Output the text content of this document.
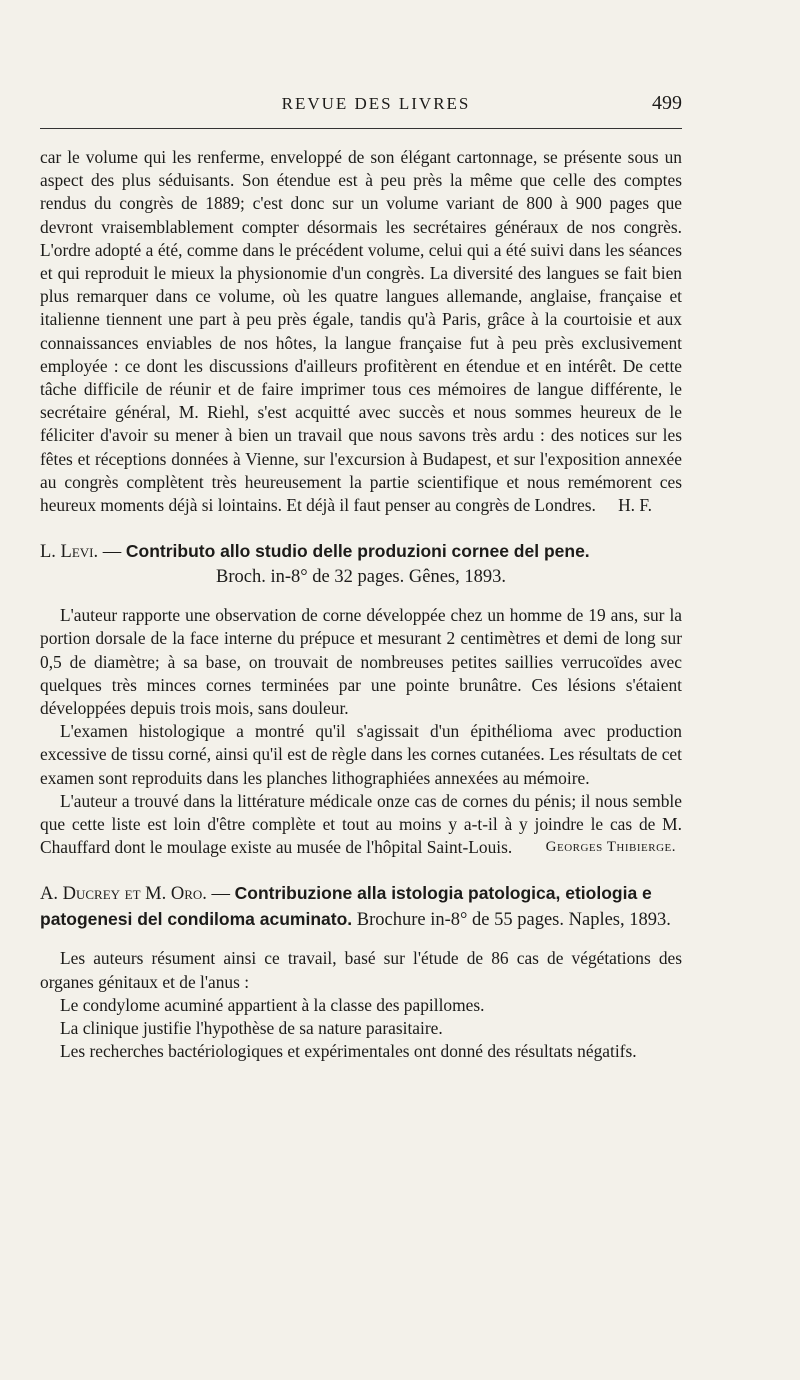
REVUE DES LIVRES	499

car le volume qui les renferme, enveloppé de son élégant cartonnage, se présente sous un aspect des plus séduisants. Son étendue est à peu près la même que celle des comptes rendus du congrès de 1889; c'est donc sur un volume variant de 800 à 900 pages que devront vraisemblablement compter désormais les secrétaires généraux de nos congrès. L'ordre adopté a été, comme dans le précédent volume, celui qui a été suivi dans les séances et qui reproduit le mieux la physionomie d'un congrès. La diversité des langues se fait bien plus remarquer dans ce volume, où les quatre langues allemande, anglaise, française et italienne tiennent une part à peu près égale, tandis qu'à Paris, grâce à la courtoisie et aux connaissances enviables de nos hôtes, la langue française fut à peu près exclusivement employée : ce dont les discussions d'ailleurs profitèrent en étendue et en intérêt. De cette tâche difficile de réunir et de faire imprimer tous ces mémoires de langue différente, le secrétaire général, M. Riehl, s'est acquitté avec succès et nous sommes heureux de le féliciter d'avoir su mener à bien un travail que nous savons très ardu : des notices sur les fêtes et réceptions données à Vienne, sur l'excursion à Budapest, et sur l'exposition annexée au congrès complètent très heureusement la partie scientifique et nous remémorent ces heureux moments déjà si lointains. Et déjà il faut penser au congrès de Londres. H. F.

L. Levi. — Contributo allo studio delle produzioni cornee del pene.
Broch. in-8° de 32 pages. Gênes, 1893.

L'auteur rapporte une observation de corne développée chez un homme de 19 ans, sur la portion dorsale de la face interne du prépuce et mesurant 2 centimètres et demi de long sur 0,5 de diamètre; à sa base, on trouvait de nombreuses petites saillies verrucoïdes avec quelques très minces cornes terminées par une pointe brunâtre. Ces lésions s'étaient développées depuis trois mois, sans douleur.

L'examen histologique a montré qu'il s'agissait d'un épithélioma avec production excessive de tissu corné, ainsi qu'il est de règle dans les cornes cutanées. Les résultats de cet examen sont reproduits dans les planches lithographiées annexées au mémoire.

L'auteur a trouvé dans la littérature médicale onze cas de cornes du pénis; il nous semble que cette liste est loin d'être complète et tout au moins y a-t-il à y joindre le cas de M. Chauffard dont le moulage existe au musée de l'hôpital Saint-Louis.	Georges Thibierge.

A. Ducrey et M. Oro. — Contribuzione alla istologia patologica, etiologia e patogenesi del condiloma acuminato. Brochure in-8° de 55 pages. Naples, 1893.

Les auteurs résument ainsi ce travail, basé sur l'étude de 86 cas de végétations des organes génitaux et de l'anus :

Le condylome acuminé appartient à la classe des papillomes.

La clinique justifie l'hypothèse de sa nature parasitaire.

Les recherches bactériologiques et expérimentales ont donné des résultats négatifs.
